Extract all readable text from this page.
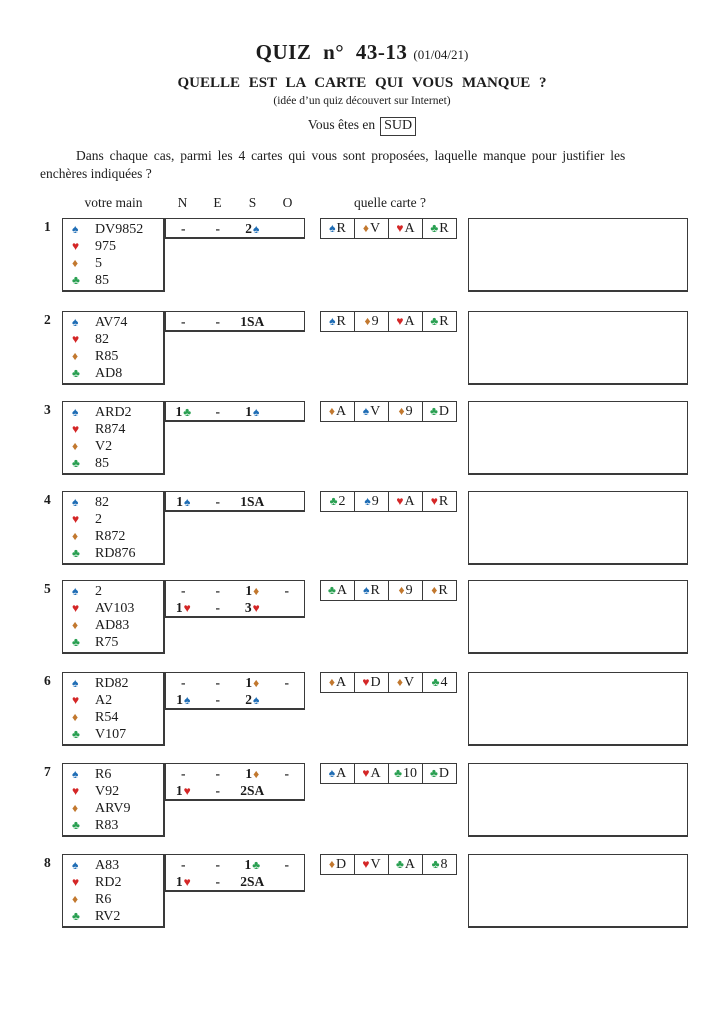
QUIZ n° 43-13 (01/04/21)
QUELLE EST LA CARTE QUI VOUS MANQUE ?
(idée d’un quiz découvert sur Internet)
Vous êtes en SUD
Dans chaque cas, parmi les 4 cartes qui vous sont proposées, laquelle manque pour justifier les
enchères indiquées ?
votre main	N	E	S	O	quelle carte ?
1 ♠	DV9852
♥	975
♦	5
♣	85
-	-	2♠	♠ R ♦ V ♥ A ♣ R
2 ♠	AV74
♥	82
♦	R85
♣	AD8
-	-	1SA	♠ R ♦ 9 ♥ A ♣ R
3 ♠	ARD2
♥	R874
♦	V2
♣	85
1♣	-	1♠	♦ A ♠ V ♦ 9 ♣ D
4 ♠	82
♥	2
♦	R872
♣	RD876
1♠	-	1SA	♣ 2 ♠ 9 ♥ A ♥ R
5 ♠	2
♥	AV103
♦	AD83
♣	R75
-	-	1♦	-
1♥	-	3♥
♣ A ♠ R ♦ 9 ♦ R
6 ♠	RD82
♥	A2
♦	R54
♣	V107
-	-	1♦	-
1♠	-	2♠
♦ A ♥ D ♦ V ♣ 4
7 ♠	R6
♥	V92
♦	ARV9
♣	R83
-	-	1♦	-
1♥	-	2SA
♠ A ♥ A ♣ 10 ♣ D
8 ♠	A83
♥	RD2
♦	R6
♣	RV2
-	-	1♣	-
1♥	-	2SA
♦ D ♥ V ♣ A ♣ 8
